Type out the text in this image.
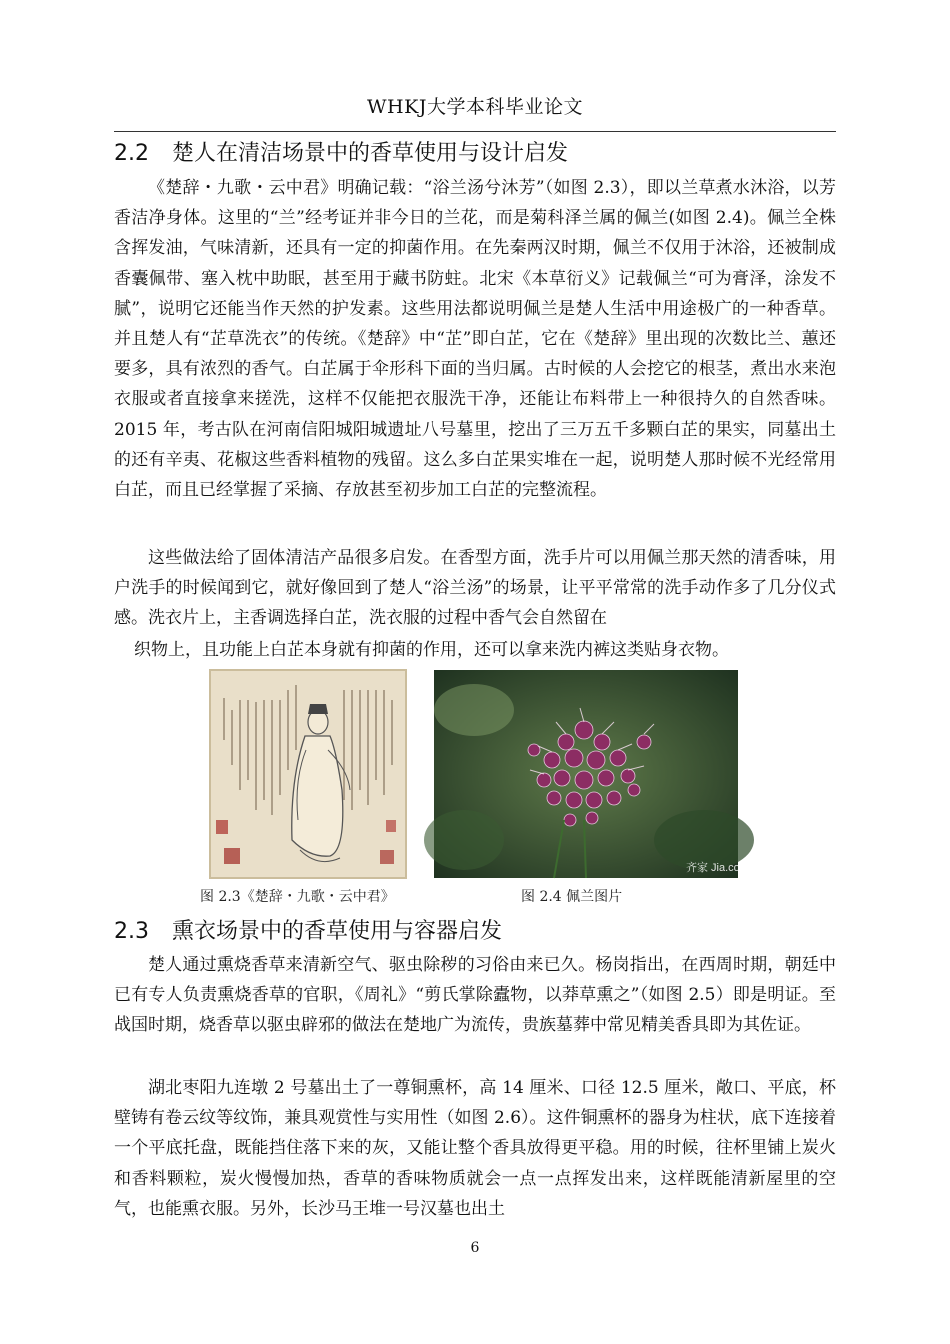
WHKJ大学本科毕业论文
2.2 楚人在清洁场景中的香草使用与设计启发
《楚辞・九歌・云中君》明确记载：“浴兰汤兮沐芳”（如图 2.3），即以兰草煮水沐浴，以芳香洁净身体。这里的“兰”经考证并非今日的兰花，而是菊科泽兰属的佩兰(如图 2.4)。佩兰全株含挥发油，气味清新，还具有一定的抑菌作用。在先秦两汉时期，佩兰不仅用于沐浴，还被制成香囊佩带、塞入枕中助眠，甚至用于藏书防蛀。北宋《本草衍义》记载佩兰“可为膏泽，涂发不腻”，说明它还能当作天然的护发素。这些用法都说明佩兰是楚人生活中用途极广的一种香草。并且楚人有“芷草洗衣”的传统。《楚辞》中“芷”即白芷，它在《楚辞》里出现的次数比兰、蕙还要多，具有浓烈的香气。白芷属于伞形科下面的当归属。古时候的人会挖它的根茎，煮出水来泡衣服或者直接拿来搓洗，这样不仅能把衣服洗干净，还能让布料带上一种很持久的自然香味。2015 年，考古队在河南信阳城阳城遗址八号墓里，挖出了三万五千多颗白芷的果实，同墓出土的还有辛夷、花椒这些香料植物的残留。这么多白芷果实堆在一起，说明楚人那时候不光经常用白芷，而且已经掌握了采摘、存放甚至初步加工白芷的完整流程。
这些做法给了固体清洁产品很多启发。在香型方面，洗手片可以用佩兰那天然的清香味，用户洗手的时候闻到它，就好像回到了楚人“浴兰汤”的场景，让平平常常的洗手动作多了几分仪式感。洗衣片上，主香调选择白芷，洗衣服的过程中香气会自然留在
织物上，且功能上白芷本身就有抑菌的作用，还可以拿来洗内裤这类贴身衣物。
齐家 Jia.com
图 2.3《楚辞・九歌・云中君》	图 2.4 佩兰图片
2.3 熏衣场景中的香草使用与容器启发
楚人通过熏烧香草来清新空气、驱虫除秽的习俗由来已久。杨岗指出，在西周时期，朝廷中已有专人负责熏烧香草的官职，《周礼》“剪氏掌除蠹物，以莽草熏之”（如图 2.5）即是明证。至战国时期，烧香草以驱虫辟邪的做法在楚地广为流传，贵族墓葬中常见精美香具即为其佐证。
湖北枣阳九连墩 2 号墓出土了一尊铜熏杯，高 14 厘米、口径 12.5 厘米，敞口、平底，杯壁铸有卷云纹等纹饰，兼具观赏性与实用性（如图 2.6）。这件铜熏杯的器身为柱状，底下连接着一个平底托盘，既能挡住落下来的灰，又能让整个香具放得更平稳。用的时候，往杯里铺上炭火和香料颗粒，炭火慢慢加热，香草的香味物质就会一点一点挥发出来，这样既能清新屋里的空气，也能熏衣服。另外，长沙马王堆一号汉墓也出土
6
